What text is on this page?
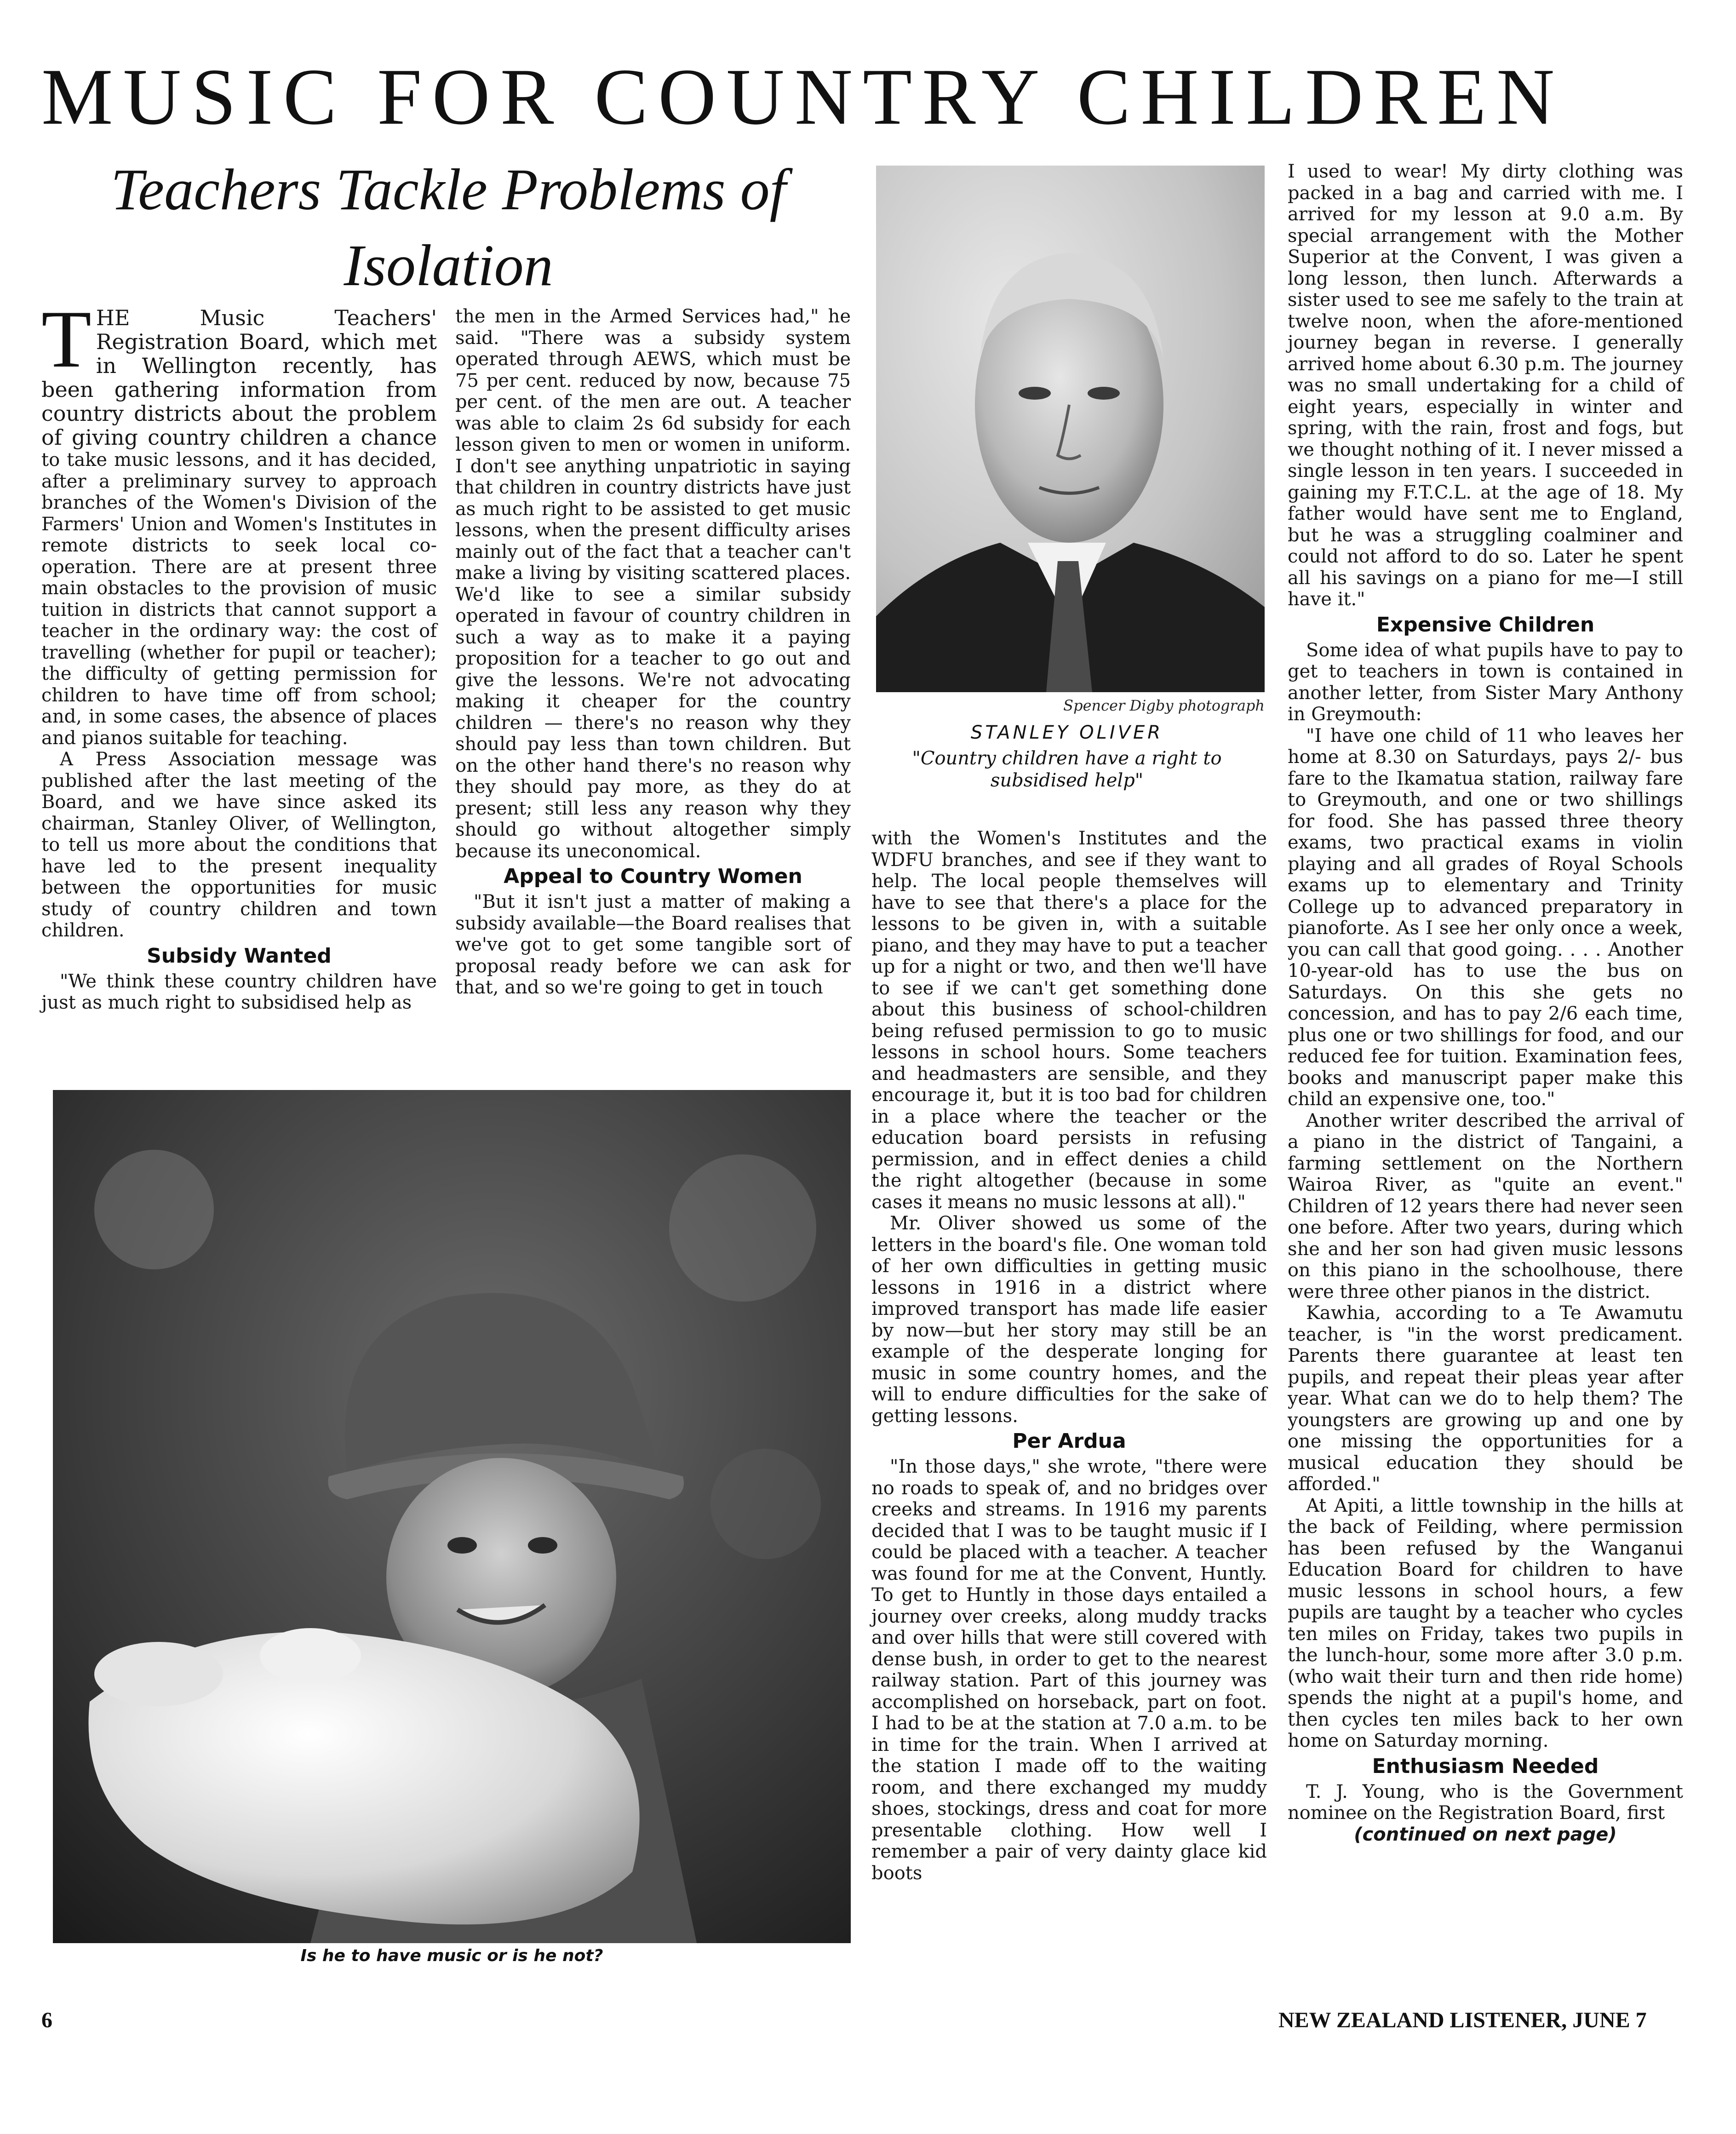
MUSIC FOR COUNTRY CHILDREN
Teachers Tackle Problems of Isolation
T HE Music Teachers' Registration Board, which met in Wellington recently, has been gathering information from country districts about the problem of giving country children a chance to take music lessons, and it has decided, after a preliminary survey to approach branches of the Women's Division of the Farmers' Union and Women's Institutes in remote districts to seek local co-operation. There are at present three main obstacles to the provision of music tuition in districts that cannot support a teacher in the ordinary way: the cost of travelling (whether for pupil or teacher); the difficulty of getting permission for children to have time off from school; and, in some cases, the absence of places and pianos suitable for teaching.

A Press Association message was published after the last meeting of the Board, and we have since asked its chairman, Stanley Oliver, of Wellington, to tell us more about the conditions that have led to the present inequality between the opportunities for music study of country children and town children.

Subsidy Wanted

"We think these country children have just as much right to subsidised help as

the men in the Armed Services had," he said. "There was a subsidy system operated through AEWS, which must be 75 per cent. reduced by now, because 75 per cent. of the men are out. A teacher was able to claim 2s 6d subsidy for each lesson given to men or women in uniform. I don't see anything unpatriotic in saying that children in country districts have just as much right to be assisted to get music lessons, when the present difficulty arises mainly out of the fact that a teacher can't make a living by visiting scattered places. We'd like to see a similar subsidy operated in favour of country children in such a way as to make it a paying proposition for a teacher to go out and give the lessons. We're not advocating making it cheaper for the country children — there's no reason why they should pay less than town children. But on the other hand there's no reason why they should pay more, as they do at present; still less any reason why they should go without altogether simply because its uneconomical.

Appeal to Country Women

"But it isn't just a matter of making a subsidy available—the Board realises that we've got to get some tangible sort of proposal ready before we can ask for that, and so we're going to get in touch

Spencer Digby photograph
STANLEY OLIVER
"Country children have a right to subsidised help"

with the Women's Institutes and the WDFU branches, and see if they want to help. The local people themselves will have to see that there's a place for the lessons to be given in, with a suitable piano, and they may have to put a teacher up for a night or two, and then we'll have to see if we can't get something done about this business of school-children being refused permission to go to music lessons in school hours. Some teachers and headmasters are sensible, and they encourage it, but it is too bad for children in a place where the teacher or the education board persists in refusing permission, and in effect denies a child the right altogether (because in some cases it means no music lessons at all)."

Mr. Oliver showed us some of the letters in the board's file. One woman told of her own difficulties in getting music lessons in 1916 in a district where improved transport has made life easier by now—but her story may still be an example of the desperate longing for music in some country homes, and the will to endure difficulties for the sake of getting lessons.

Per Ardua

"In those days," she wrote, "there were no roads to speak of, and no bridges over creeks and streams. In 1916 my parents decided that I was to be taught music if I could be placed with a teacher. A teacher was found for me at the Convent, Huntly. To get to Huntly in those days entailed a journey over creeks, along muddy tracks and over hills that were still covered with dense bush, in order to get to the nearest railway station. Part of this journey was accomplished on horseback, part on foot. I had to be at the station at 7.0 a.m. to be in time for the train. When I arrived at the station I made off to the waiting room, and there exchanged my muddy shoes, stockings, dress and coat for more presentable clothing. How well I remember a pair of very dainty glace kid boots

I used to wear! My dirty clothing was packed in a bag and carried with me. I arrived for my lesson at 9.0 a.m. By special arrangement with the Mother Superior at the Convent, I was given a long lesson, then lunch. Afterwards a sister used to see me safely to the train at twelve noon, when the afore-mentioned journey began in reverse. I generally arrived home about 6.30 p.m. The journey was no small undertaking for a child of eight years, especially in winter and spring, with the rain, frost and fogs, but we thought nothing of it. I never missed a single lesson in ten years. I succeeded in gaining my F.T.C.L. at the age of 18. My father would have sent me to England, but he was a struggling coalminer and could not afford to do so. Later he spent all his savings on a piano for me—I still have it."

Expensive Children

Some idea of what pupils have to pay to get to teachers in town is contained in another letter, from Sister Mary Anthony in Greymouth:

"I have one child of 11 who leaves her home at 8.30 on Saturdays, pays 2/- bus fare to the Ikamatua station, railway fare to Greymouth, and one or two shillings for food. She has passed three theory exams, two practical exams in violin playing and all grades of Royal Schools exams up to elementary and Trinity College up to advanced preparatory in pianoforte. As I see her only once a week, you can call that good going. . . . Another 10-year-old has to use the bus on Saturdays. On this she gets no concession, and has to pay 2/6 each time, plus one or two shillings for food, and our reduced fee for tuition. Examination fees, books and manuscript paper make this child an expensive one, too."

Another writer described the arrival of a piano in the district of Tangaini, a farming settlement on the Northern Wairoa River, as "quite an event." Children of 12 years there had never seen one before. After two years, during which she and her son had given music lessons on this piano in the schoolhouse, there were three other pianos in the district.

Kawhia, according to a Te Awamutu teacher, is "in the worst predicament. Parents there guarantee at least ten pupils, and repeat their pleas year after year. What can we do to help them? The youngsters are growing up and one by one missing the opportunities for a musical education they should be afforded."

At Apiti, a little township in the hills at the back of Feilding, where permission has been refused by the Wanganui Education Board for children to have music lessons in school hours, a few pupils are taught by a teacher who cycles ten miles on Friday, takes two pupils in the lunch-hour, some more after 3.0 p.m. (who wait their turn and then ride home) spends the night at a pupil's home, and then cycles ten miles back to her own home on Saturday morning.

Enthusiasm Needed

T. J. Young, who is the Government nominee on the Registration Board, first

(continued on next page)

Is he to have music or is he not?
6	NEW ZEALAND LISTENER, JUNE 7
